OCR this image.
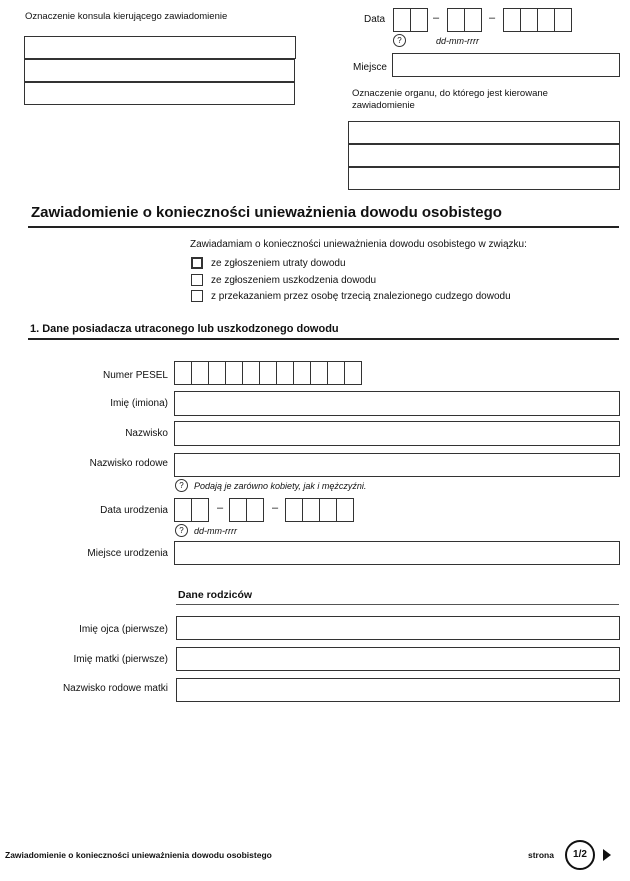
Oznaczenie konsula kierującego zawiadomienie	Data	–	–
?	dd-mm-rrrr
Miejsce
Oznaczenie organu, do którego jest kierowane zawiadomienie
Zawiadomienie o konieczności unieważnienia dowodu osobistego
Zawiadamiam o konieczności unieważnienia dowodu osobistego w związku:
ze zgłoszeniem utraty dowodu
ze zgłoszeniem uszkodzenia dowodu
z przekazaniem przez osobę trzecią znalezionego cudzego dowodu
1. Dane posiadacza utraconego lub uszkodzonego dowodu
Numer PESEL
Imię (imiona)
Nazwisko
Nazwisko rodowe
?	Podają je zarówno kobiety, jak i mężczyźni.
Data urodzenia	–	–
?	dd-mm-rrrr
Miejsce urodzenia
Dane rodziców
Imię ojca (pierwsze)
Imię matki (pierwsze)
Nazwisko rodowe matki
Zawiadomienie o konieczności unieważnienia dowodu osobistego	strona	1/2
